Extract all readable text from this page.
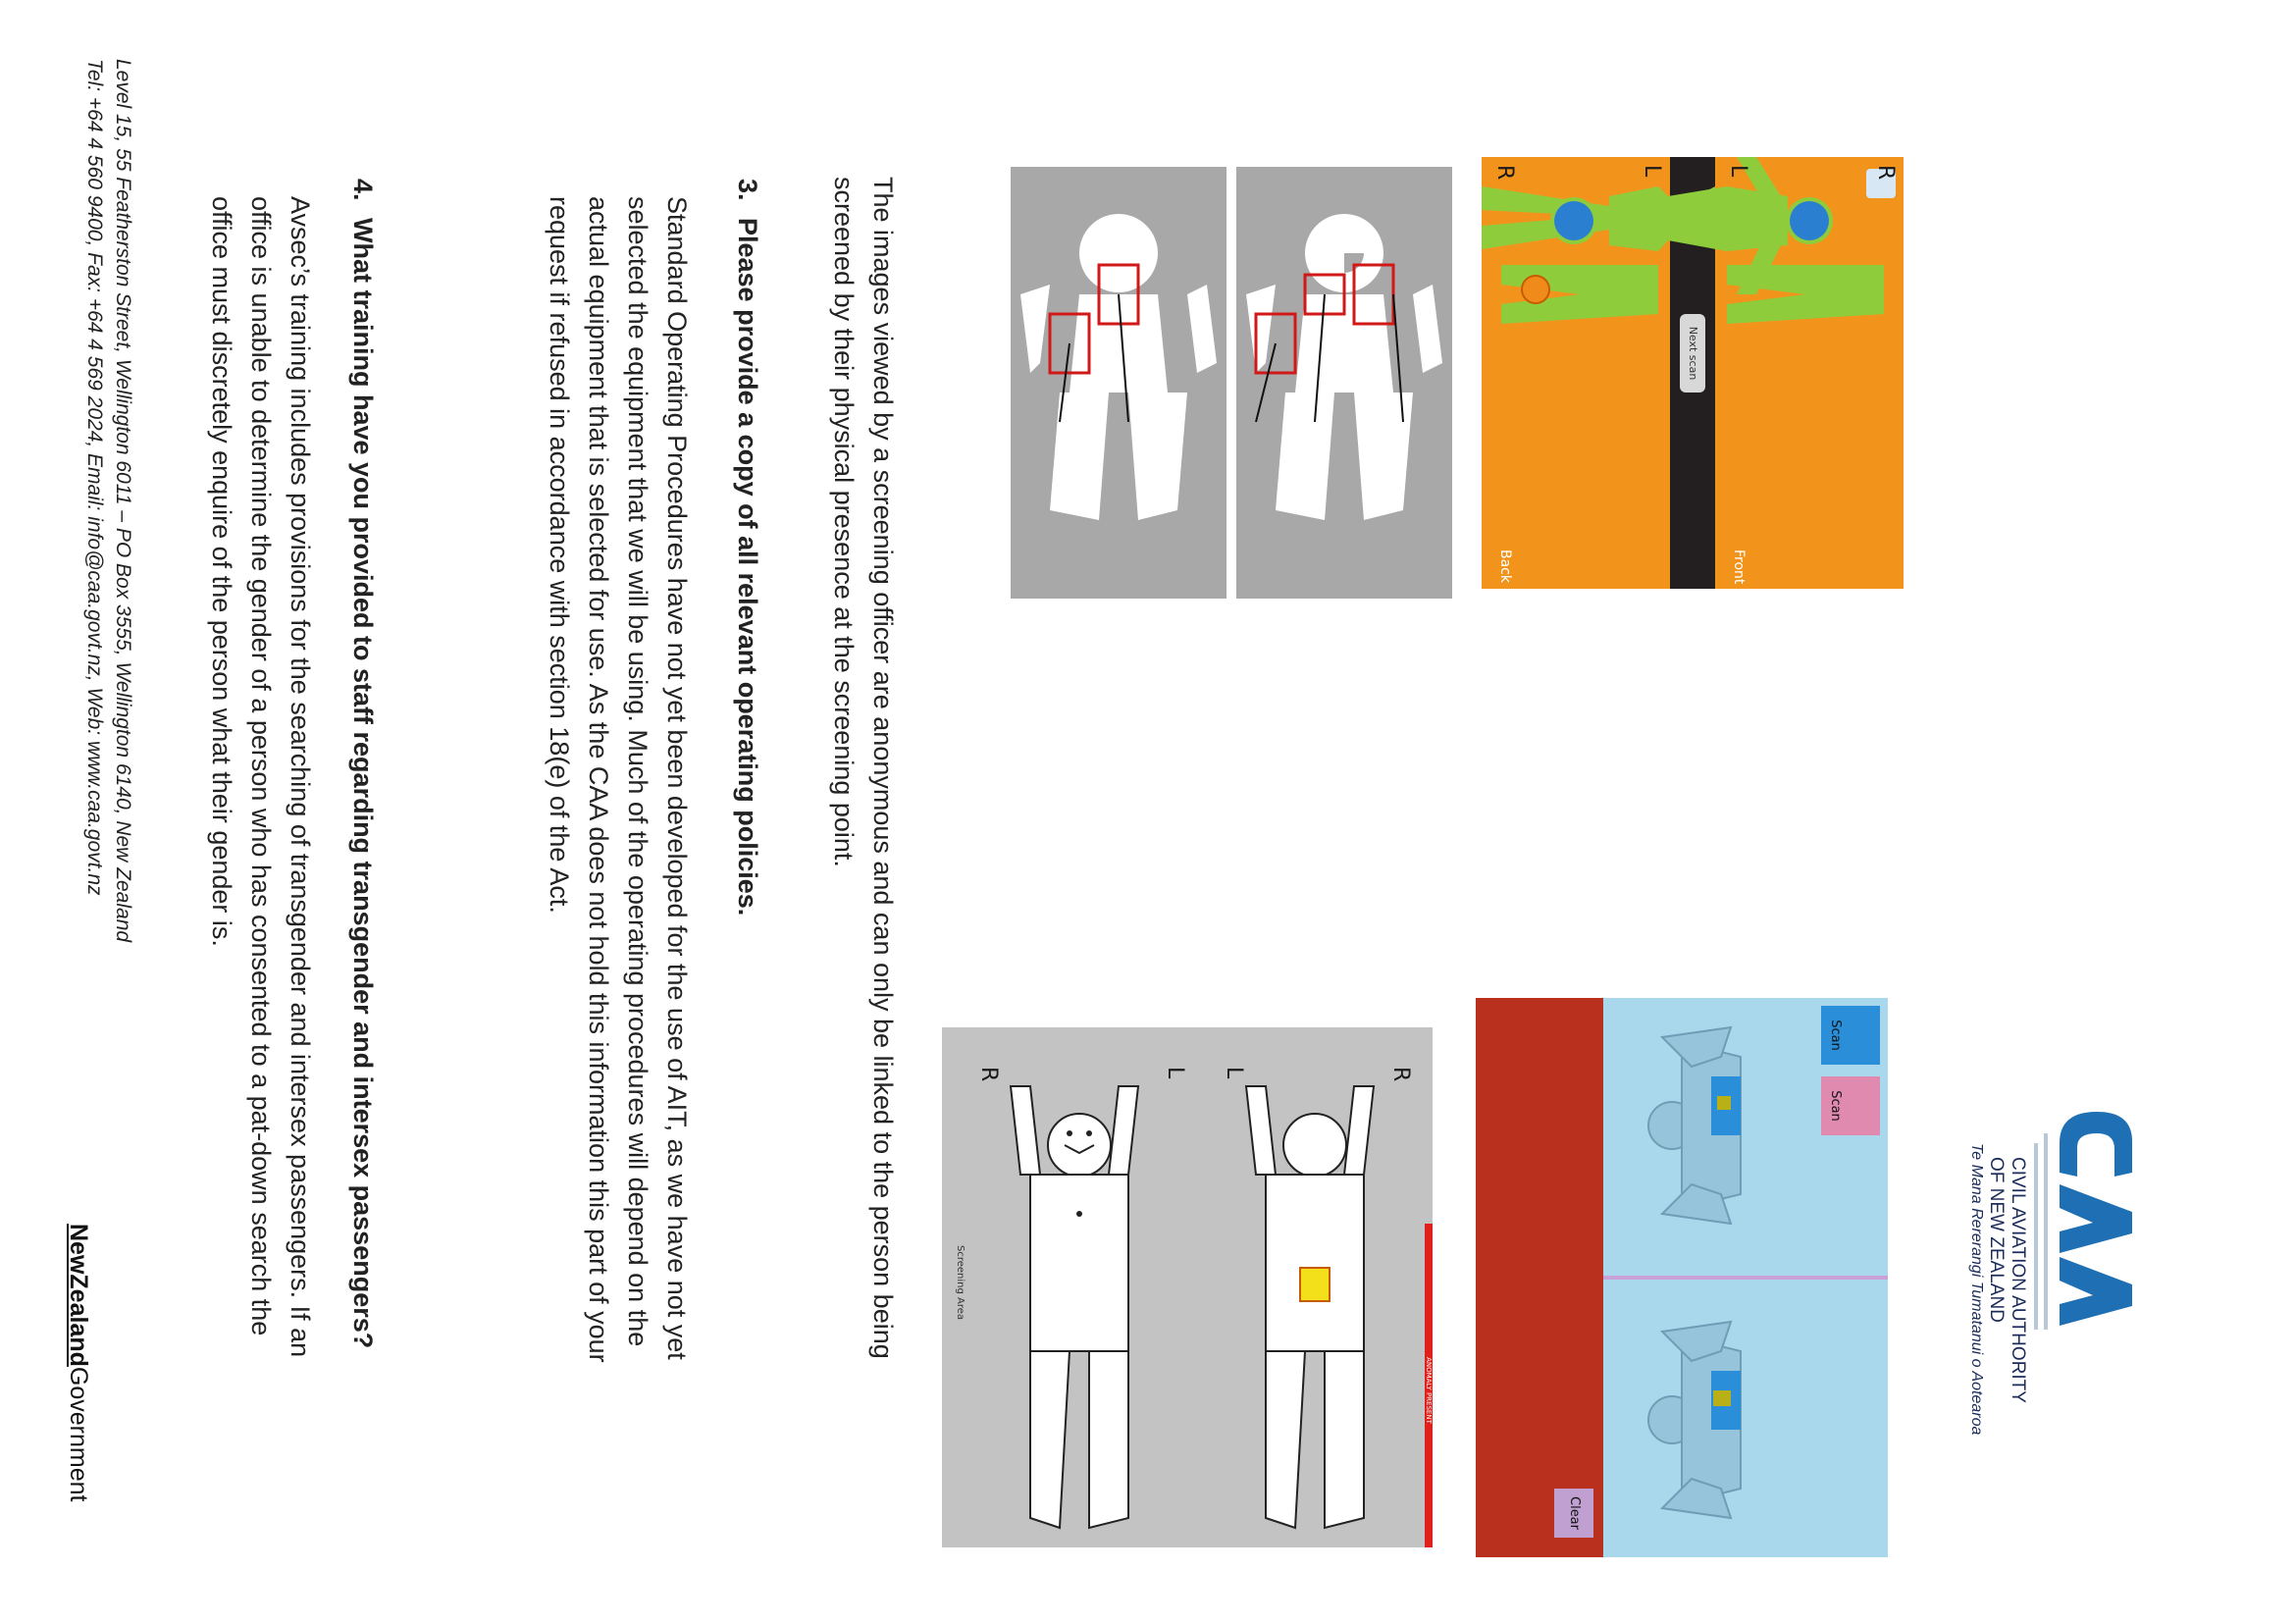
CIVIL AVIATION AUTHORITY
OF NEW ZEALAND
Te Mana Rererangi Tumatanui o Aotearoa
Front
Back
Next scan
R
L
L
R
Scan
Scan
Clear
Screening Area
ANOMALY PRESENT
R
L
L
R
The images viewed by a screening officer are anonymous and can only be linked to the person being
screened by their physical presence at the screening point.
3.Please provide a copy of all relevant operating policies.
Standard Operating Procedures have not yet been developed for the use of AIT, as we have not yet
selected the equipment that we will be using. Much of the operating procedures will depend on the
actual equipment that is selected for use. As the CAA does not hold this information this part of your
request if refused in accordance with section 18(e) of the Act.
4.What training have you provided to staff regarding transgender and intersex passengers?
Avsec’s training includes provisions for the searching of transgender and intersex passengers. If an
office is unable to determine the gender of a person who has consented to a pat-down search the
office must discretely enquire of the person what their gender is.
Level 15, 55 Featherston Street, Wellington 6011 – PO Box 3555, Wellington 6140, New Zealand
Tel: +64 4 560 9400, Fax: +64 4 569 2024, Email: info@caa.govt.nz, Web: www.caa.govt.nz
NewZealandGovernment
